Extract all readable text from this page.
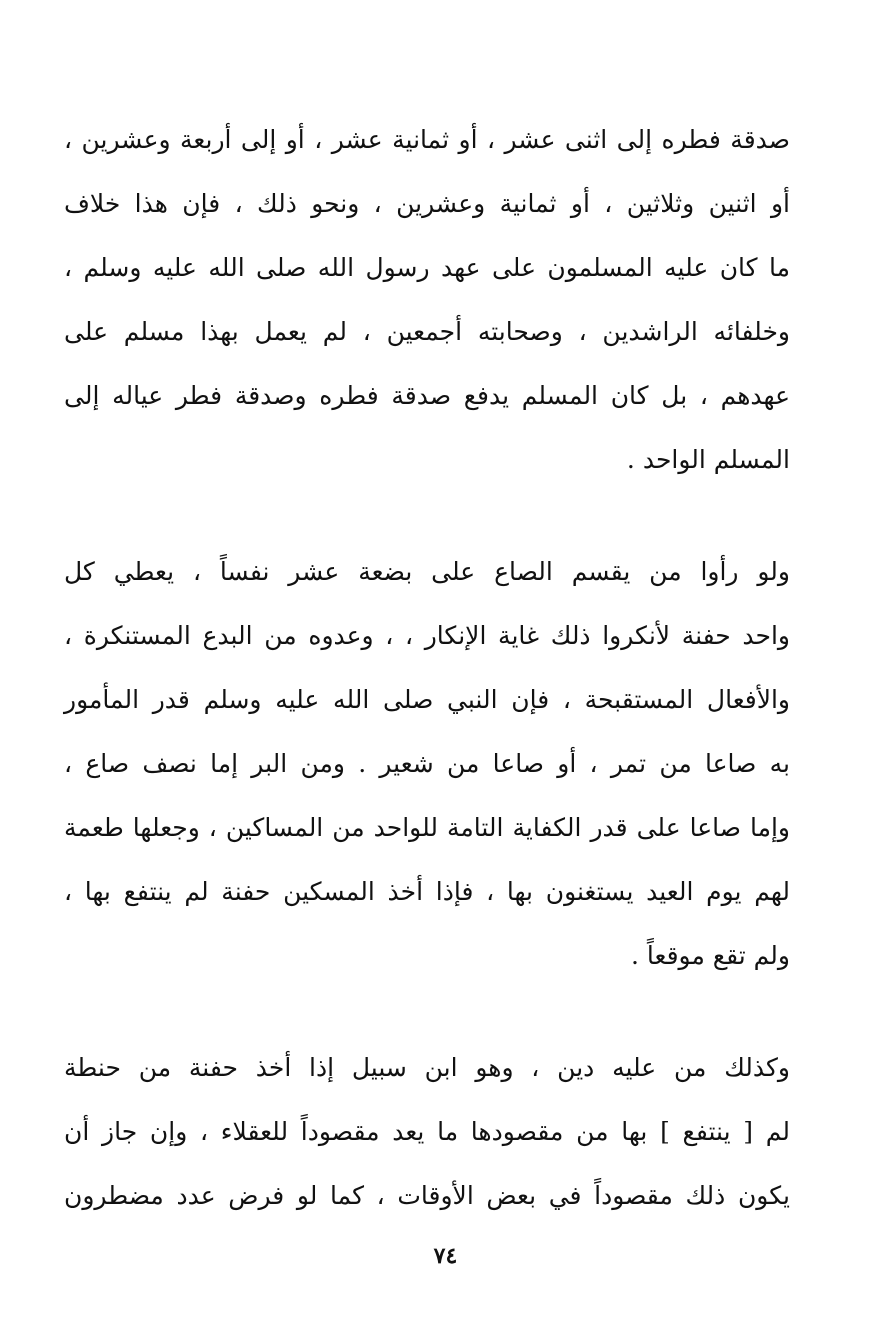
صدقة فطره إلى اثنى عشر ، أو ثمانية عشر ، أو إلى أربعة وعشرين ،
أو اثنين وثلاثين ، أو ثمانية وعشرين ، ونحو ذلك ، فإن هذا خلاف
ما كان عليه المسلمون على عهد رسول الله صلى الله عليه وسلم ،
وخلفائه الراشدين ، وصحابته أجمعين ، لم يعمل بهذا مسلم على
عهدهم ، بل كان المسلم يدفع صدقة فطره وصدقة فطر عياله إلى
المسلم الواحد .
ولو رأوا من يقسم الصاع على بضعة عشر نفساً ، يعطي كل
واحد حفنة لأنكروا ذلك غاية الإنكار ، ، وعدوه من البدع المستنكرة ،
والأفعال المستقبحة ، فإن النبي صلى الله عليه وسلم قدر المأمور
به صاعا من تمر ، أو صاعا من شعير . ومن البر إما نصف صاع ،
وإما صاعا على قدر الكفاية التامة للواحد من المساكين ، وجعلها طعمة
لهم يوم العيد يستغنون بها ، فإذا أخذ المسكين حفنة لم ينتفع بها ،
ولم تقع موقعاً .
وكذلك من عليه دين ، وهو ابن سبيل إذا أخذ حفنة من حنطة
لم [ ينتفع ] بها من مقصودها ما يعد مقصوداً للعقلاء ، وإن جاز أن
يكون ذلك مقصوداً في بعض الأوقات ، كما لو فرض عدد مضطرون
٧٤
